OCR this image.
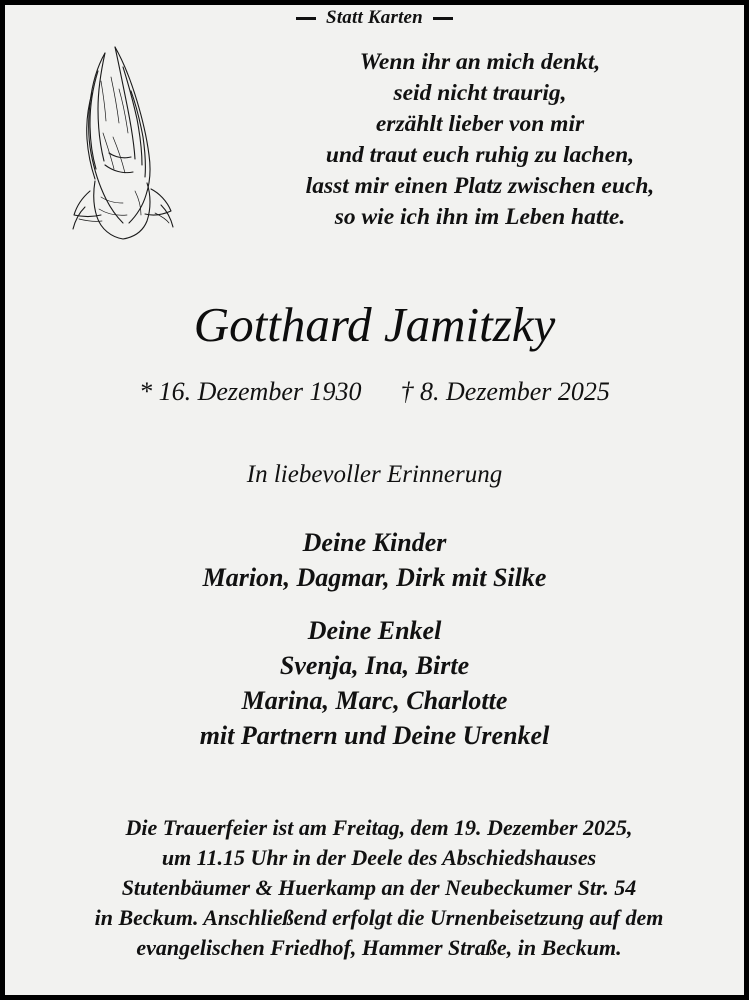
Statt Karten
Wenn ihr an mich denkt,
seid nicht traurig,
erzählt lieber von mir
und traut euch ruhig zu lachen,
lasst mir einen Platz zwischen euch,
so wie ich ihn im Leben hatte.
Gotthard Jamitzky
* 16. Dezember 1930 † 8. Dezember 2025
In liebevoller Erinnerung
Deine Kinder
Marion, Dagmar, Dirk mit Silke
Deine Enkel
Svenja, Ina, Birte
Marina, Marc, Charlotte
mit Partnern und Deine Urenkel
Die Trauerfeier ist am Freitag, dem 19. Dezember 2025,
um 11.15 Uhr in der Deele des Abschiedshauses
Stutenbäumer & Huerkamp an der Neubeckumer Str. 54
in Beckum. Anschließend erfolgt die Urnenbeisetzung auf dem
evangelischen Friedhof, Hammer Straße, in Beckum.
